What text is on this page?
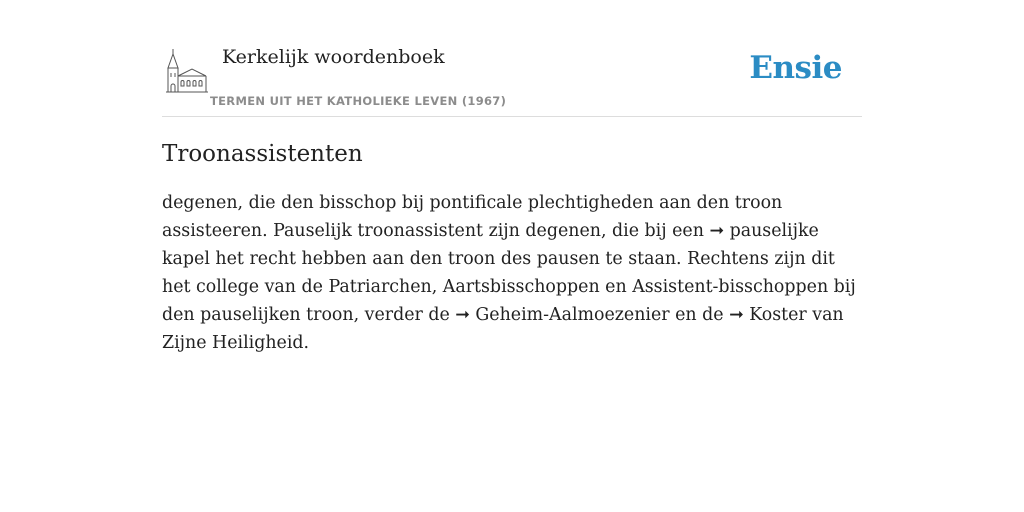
Kerkelijk woordenboek

TERMEN UIT HET KATHOLIEKE LEVEN (1967)

Ensie
Troonassistenten

degenen, die den bisschop bij pontificale plechtigheden aan den troon assisteeren. Pauselijk troonassistent zijn degenen, die bij een ➞ pauselijke kapel het recht hebben aan den troon des pausen te staan. Rechtens zijn dit het college van de Patriarchen, Aartsbisschoppen en Assistent-bisschoppen bij den pauselijken troon, verder de ➞ Geheim-Aalmoezenier en de ➞ Koster van Zijne Heiligheid.
